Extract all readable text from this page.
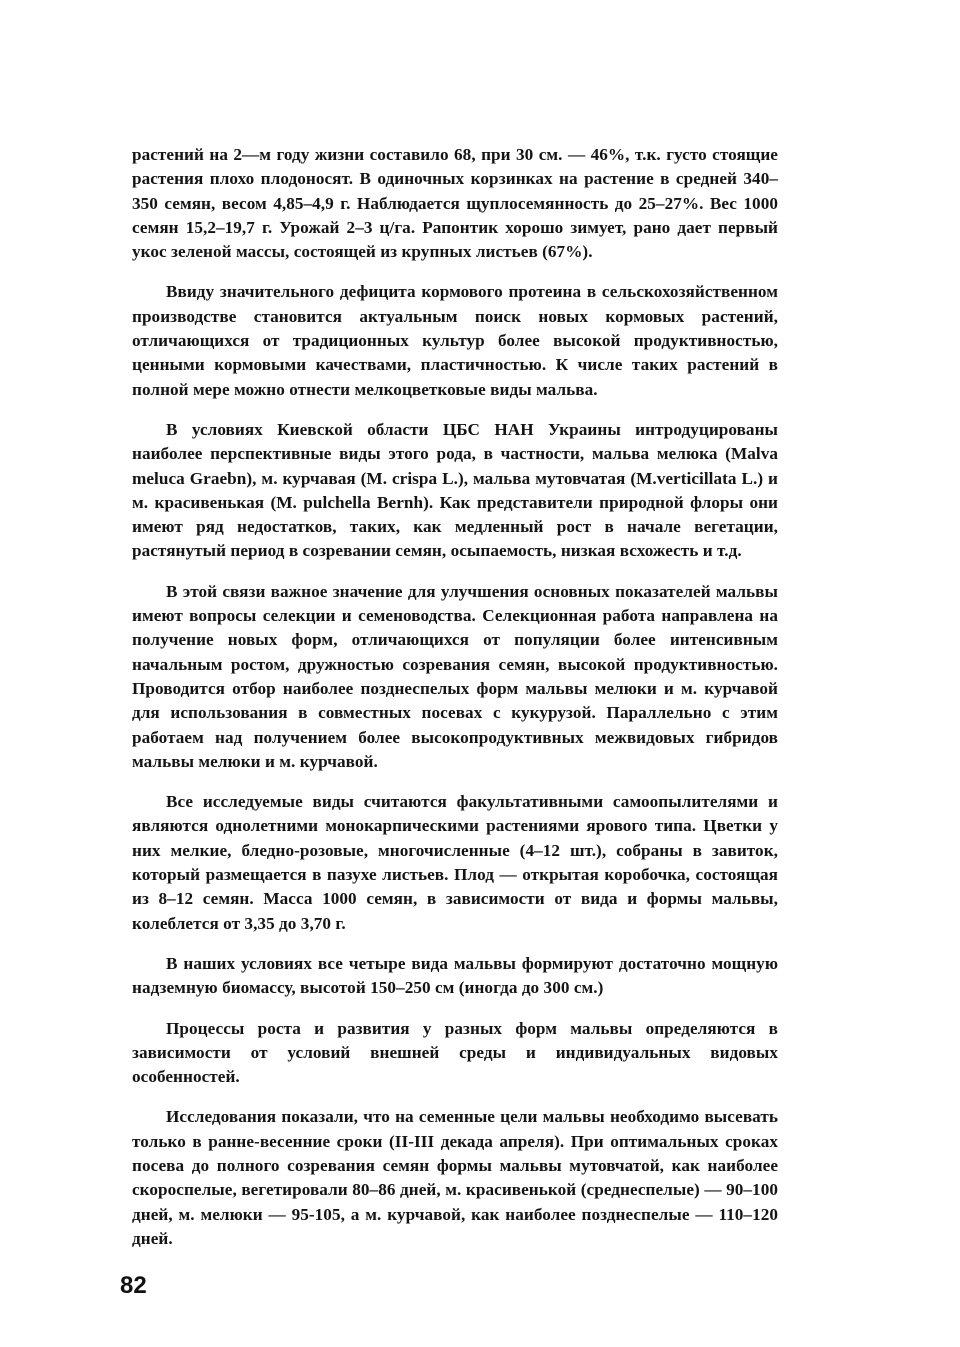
растений на 2—м году жизни составило 68, при 30 см. — 46%, т.к. густо стоящие растения плохо плодоносят. В одиночных корзинках на растение в средней 340–350 семян, весом 4,85–4,9 г. Наблюдается щуплосемянность до 25–27%. Вес 1000 семян 15,2–19,7 г. Урожай 2–3 ц/га. Рапонтик хорошо зимует, рано дает первый укос зеленой массы, состоящей из крупных листьев (67%).

Ввиду значительного дефицита кормового протеина в сельскохозяйственном производстве становится актуальным поиск новых кормовых растений, отличающихся от традиционных культур более высокой продуктивностью, ценными кормовыми качествами, пластичностью. К числе таких растений в полной мере можно отнести мелкоцветковые виды мальва.

В условиях Киевской области ЦБС НАН Украины интродуцированы наиболее перспективные виды этого рода, в частности, мальва мелюка (Malva meluca Graebn), м. курчавая (M. crispa L.), мальва мутовчатая (M.verticillata L.) и м. красивенькая (M. pulchella Bernh). Как представители природной флоры они имеют ряд недостатков, таких, как медленный рост в начале вегетации, растянутый период в созревании семян, осыпаемость, низкая всхожесть и т.д.

В этой связи важное значение для улучшения основных показателей мальвы имеют вопросы селекции и семеноводства. Селекционная работа направлена на получение новых форм, отличающихся от популяции более интенсивным начальным ростом, дружностью созревания семян, высокой продуктивностью. Проводится отбор наиболее позднеспелых форм мальвы мелюки и м. курчавой для использования в совместных посевах с кукурузой. Параллельно с этим работаем над получением более высокопродуктивных межвидовых гибридов мальвы мелюки и м. курчавой.

Все исследуемые виды считаются факультативными самоопылителями и являются однолетними монокарпическими растениями ярового типа. Цветки у них мелкие, бледно-розовые, многочисленные (4–12 шт.), собраны в завиток, который размещается в пазухе листьев. Плод — открытая коробочка, состоящая из 8–12 семян. Масса 1000 семян, в зависимости от вида и формы мальвы, колеблется от 3,35 до 3,70 г.

В наших условиях все четыре вида мальвы формируют достаточно мощную надземную биомассу, высотой 150–250 см (иногда до 300 см.)

Процессы роста и развития у разных форм мальвы определяются в зависимости от условий внешней среды и индивидуальных видовых особенностей.

Исследования показали, что на семенные цели мальвы необходимо высевать только в ранне-весенние сроки (II-III декада апреля). При оптимальных сроках посева до полного созревания семян формы мальвы мутовчатой, как наиболее скороспелые, вегетировали 80–86 дней, м. красивенькой (среднеспелые) — 90–100 дней, м. мелюки — 95-105, а м. курчавой, как наиболее позднеспелые — 110–120 дней.

82
